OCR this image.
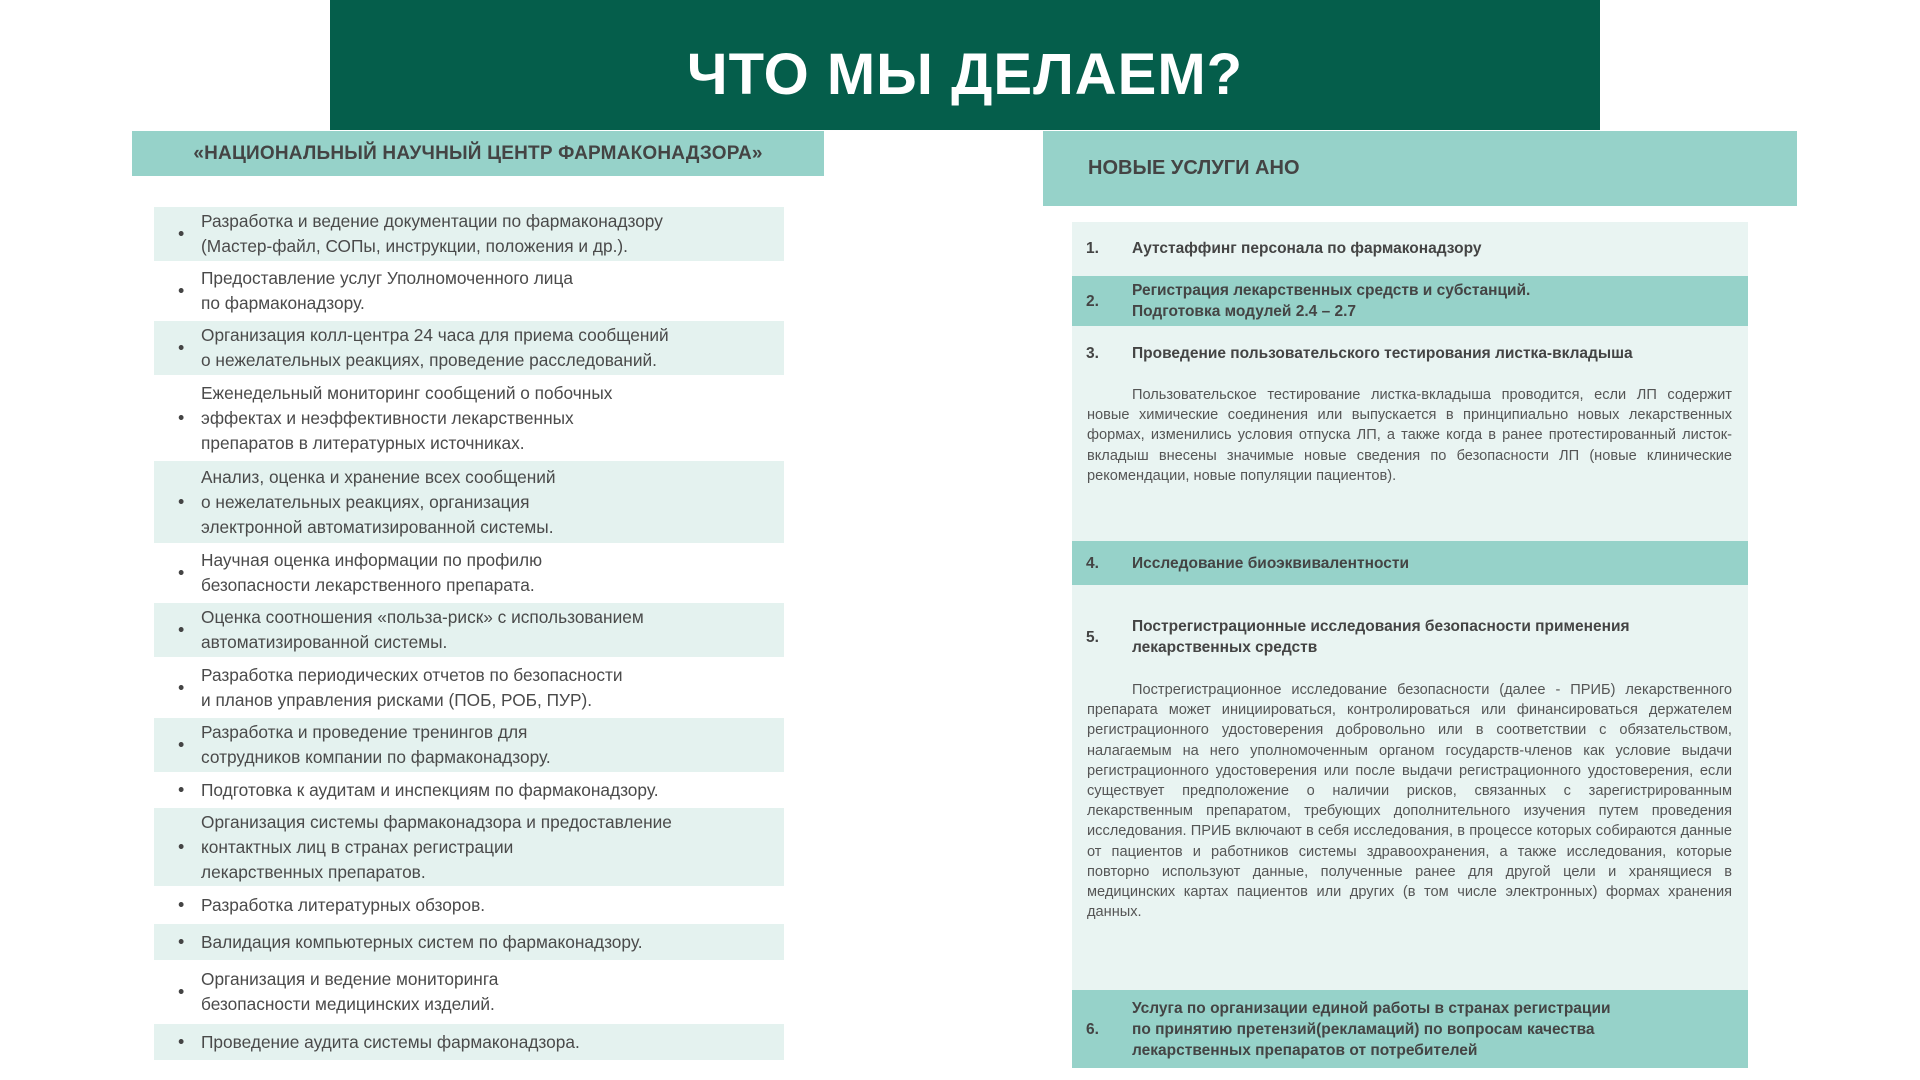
ЧТО МЫ ДЕЛАЕМ?
«НАЦИОНАЛЬНЫЙ НАУЧНЫЙ ЦЕНТР ФАРМАКОНАДЗОРА»
• Разработка и ведение документации по фармаконадзору
(Мастер-файл, СОПы, инструкции, положения и др.).
• Предоставление услуг Уполномоченного лица
по фармаконадзору.
• Организация колл-центра 24 часа для приема сообщений
о нежелательных реакциях, проведение расследований.
• Еженедельный мониторинг сообщений о побочных
эффектах и неэффективности лекарственных
препаратов в литературных источниках.
• Анализ, оценка и хранение всех сообщений
о нежелательных реакциях, организация
электронной автоматизированной системы.
• Научная оценка информации по профилю
безопасности лекарственного препарата.
• Оценка соотношения «польза-риск» с использованием
автоматизированной системы.
• Разработка периодических отчетов по безопасности
и планов управления рисками (ПОБ, РОБ, ПУР).
• Разработка и проведение тренингов для
сотрудников компании по фармаконадзору.
• Подготовка к аудитам и инспекциям по фармаконадзору.
• Организация системы фармаконадзора и предоставление
контактных лиц в странах регистрации
лекарственных препаратов.
• Разработка литературных обзоров.
• Валидация компьютерных систем по фармаконадзору.
• Организация и ведение мониторинга
безопасности медицинских изделий.
• Проведение аудита системы фармаконадзора.
НОВЫЕ УСЛУГИ АНО
1.	Аутстаффинг персонала по фармаконадзору
2.
Регистрация лекарственных средств и субстанций.
Подготовка модулей 2.4 – 2.7
3.	Проведение пользовательского тестирования листка-вкладыша

Пользовательское тестирование листка-вкладыша проводится, если ЛП содержит новые химические соединения или выпускается в принципиально новых лекарственных формах, изменились условия отпуска ЛП, а также когда в ранее протестированный листок-вкладыш внесены значимые новые сведения по безопасности ЛП (новые клинические рекомендации, новые популяции пациентов).

4.	Исследование биоэквивалентности
5.
Пострегистрационные исследования безопасности применения
лекарственных средств

Пострегистрационное исследование безопасности (далее - ПРИБ) лекарственного препарата может инициироваться, контролироваться или финансироваться держателем регистрационного удостоверения добровольно или в соответствии с обязательством, налагаемым на него уполномоченным органом государств-членов как условие выдачи регистрационного удостоверения или после выдачи регистрационного удостоверения, если существует предположение о наличии рисков, связанных с зарегистрированным лекарственным препаратом, требующих дополнительного изучения путем проведения исследования. ПРИБ включают в себя исследования, в процессе которых собираются данные от пациентов и работников системы здравоохранения, а также исследования, которые повторно используют данные, полученные ранее для другой цели и хранящиеся в медицинских картах пациентов или других (в том числе электронных) формах хранения данных.

6.
Услуга по организации единой работы в странах регистрации
по принятию претензий(рекламаций) по вопросам качества
лекарственных препаратов от потребителей
